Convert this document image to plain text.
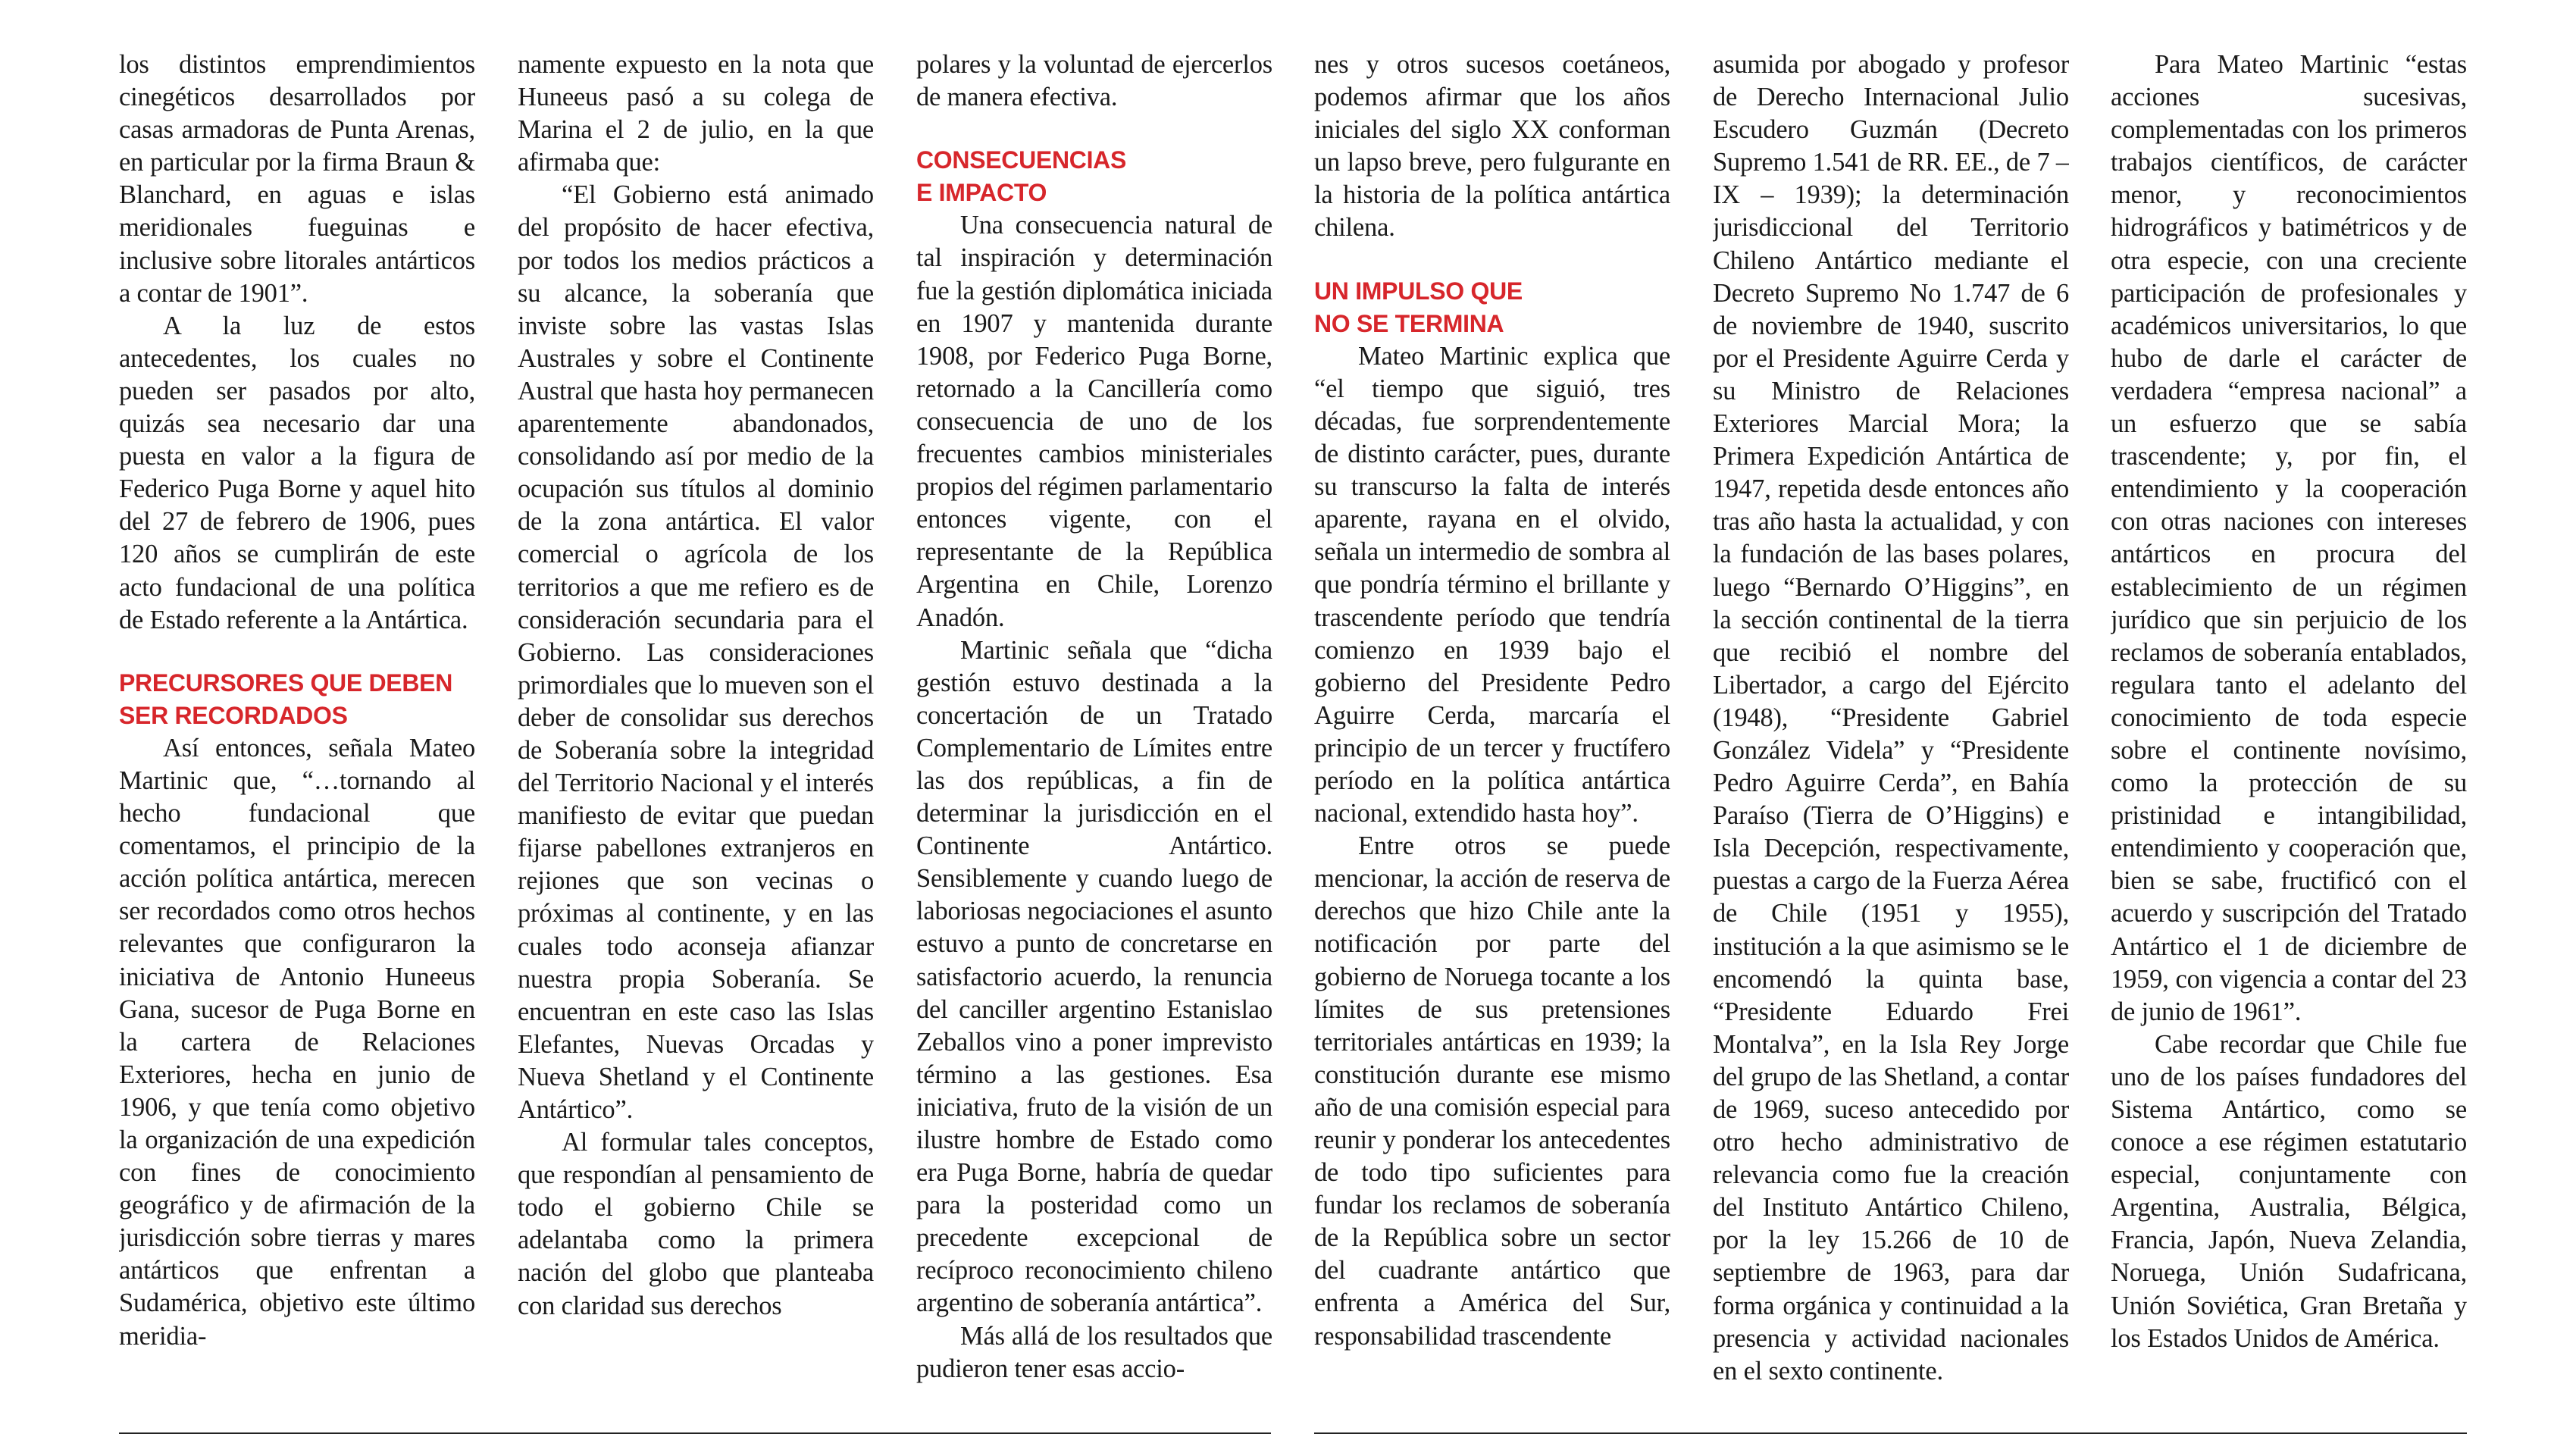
los distintos emprendimientos cinegéticos desarrollados por casas armadoras de Punta Arenas, en particular por la firma Braun & Blanchard, en aguas e islas meridionales fueguinas e inclusive sobre litorales antárticos a contar de 1901”.

A la luz de estos antecedentes, los cuales no pueden ser pasados por alto, quizás sea necesario dar una puesta en valor a la figura de Federico Puga Borne y aquel hito del 27 de febrero de 1906, pues 120 años se cumplirán de este acto fundacional de una política de Estado referente a la Antártica.

PRECURSORES QUE DEBEN
SER RECORDADOS

Así entonces, señala Mateo Martinic que, “…tornando al hecho fundacional que comentamos, el principio de la acción política antártica, merecen ser recordados como otros hechos relevantes que configuraron la iniciativa de Antonio Huneeus Gana, sucesor de Puga Borne en la cartera de Relaciones Exteriores, hecha en junio de 1906, y que tenía como objetivo la organización de una expedición con fines de conocimiento geográfico y de afirmación de la jurisdicción sobre tierras y mares antárticos que enfrentan a Sudamérica, objetivo este último meridia-

namente expuesto en la nota que Huneeus pasó a su colega de Marina el 2 de julio, en la que afirmaba que:

“El Gobierno está animado del propósito de hacer efectiva, por todos los medios prácticos a su alcance, la soberanía que inviste sobre las vastas Islas Australes y sobre el Continente Austral que hasta hoy permanecen aparentemente abandonados, consolidando así por medio de la ocupación sus títulos al dominio de la zona antártica. El valor comercial o agrícola de los territorios a que me refiero es de consideración secundaria para el Gobierno. Las consideraciones primordiales que lo mueven son el deber de consolidar sus derechos de Soberanía sobre la integridad del Territorio Nacional y el interés manifiesto de evitar que puedan fijarse pabellones extranjeros en rejiones que son vecinas o próximas al continente, y en las cuales todo aconseja afianzar nuestra propia Soberanía. Se encuentran en este caso las Islas Elefantes, Nuevas Orcadas y Nueva Shetland y el Continente Antártico”.

Al formular tales conceptos, que respondían al pensamiento de todo el gobierno Chile se adelantaba como la primera nación del globo que planteaba con claridad sus derechos

polares y la voluntad de ejercerlos de manera efectiva.

CONSECUENCIAS
E IMPACTO

Una consecuencia natural de tal inspiración y determinación fue la gestión diplomática iniciada en 1907 y mantenida durante 1908, por Federico Puga Borne, retornado a la Cancillería como consecuencia de uno de los frecuentes cambios ministeriales propios del régimen parlamentario entonces vigente, con el representante de la República Argentina en Chile, Lorenzo Anadón.

Martinic señala que “dicha gestión estuvo destinada a la concertación de un Tratado Complementario de Límites entre las dos repúblicas, a fin de determinar la jurisdicción en el Continente Antártico. Sensiblemente y cuando luego de laboriosas negociaciones el asunto estuvo a punto de concretarse en satisfactorio acuerdo, la renuncia del canciller argentino Estanislao Zeballos vino a poner imprevisto término a las gestiones. Esa iniciativa, fruto de la visión de un ilustre hombre de Estado como era Puga Borne, habría de quedar para la posteridad como un precedente excepcional de recíproco reconocimiento chileno argentino de soberanía antártica”.

Más allá de los resultados que pudieron tener esas accio-

nes y otros sucesos coetáneos, podemos afirmar que los años iniciales del siglo XX conforman un lapso breve, pero fulgurante en la historia de la política antártica chilena.

UN IMPULSO QUE
NO SE TERMINA

Mateo Martinic explica que “el tiempo que siguió, tres décadas, fue sorprendentemente de distinto carácter, pues, durante su transcurso la falta de interés aparente, rayana en el olvido, señala un intermedio de sombra al que pondría término el brillante y trascendente período que tendría comienzo en 1939 bajo el gobierno del Presidente Pedro Aguirre Cerda, marcaría el principio de un tercer y fructífero período en la política antártica nacional, extendido hasta hoy”.

Entre otros se puede mencionar, la acción de reserva de derechos que hizo Chile ante la notificación por parte del gobierno de Noruega tocante a los límites de sus pretensiones territoriales antárticas en 1939; la constitución durante ese mismo año de una comisión especial para reunir y ponderar los antecedentes de todo tipo suficientes para fundar los reclamos de soberanía de la República sobre un sector del cuadrante antártico que enfrenta a América del Sur, responsabilidad trascendente

asumida por abogado y profesor de Derecho Internacional Julio Escudero Guzmán (Decreto Supremo 1.541 de RR. EE., de 7 – IX – 1939); la determinación jurisdiccional del Territorio Chileno Antártico mediante el Decreto Supremo No 1.747 de 6 de noviembre de 1940, suscrito por el Presidente Aguirre Cerda y su Ministro de Relaciones Exteriores Marcial Mora; la Primera Expedición Antártica de 1947, repetida desde entonces año tras año hasta la actualidad, y con la fundación de las bases polares, luego “Bernardo O’Higgins”, en la sección continental de la tierra que recibió el nombre del Libertador, a cargo del Ejército (1948), “Presidente Gabriel González Videla” y “Presidente Pedro Aguirre Cerda”, en Bahía Paraíso (Tierra de O’Higgins) e Isla Decepción, respectivamente, puestas a cargo de la Fuerza Aérea de Chile (1951 y 1955), institución a la que asimismo se le encomendó la quinta base, “Presidente Eduardo Frei Montalva”, en la Isla Rey Jorge del grupo de las Shetland, a contar de 1969, suceso antecedido por otro hecho administrativo de relevancia como fue la creación del Instituto Antártico Chileno, por la ley 15.266 de 10 de septiembre de 1963, para dar forma orgánica y continuidad a la presencia y actividad nacionales en el sexto continente.

Para Mateo Martinic “estas acciones sucesivas, complementadas con los primeros trabajos científicos, de carácter menor, y reconocimientos hidrográficos y batimétricos y de otra especie, con una creciente participación de profesionales y académicos universitarios, lo que hubo de darle el carácter de verdadera “empresa nacional” a un esfuerzo que se sabía trascendente; y, por fin, el entendimiento y la cooperación con otras naciones con intereses antárticos en procura del establecimiento de un régimen jurídico que sin perjuicio de los reclamos de soberanía entablados, regulara tanto el adelanto del conocimiento de toda especie sobre el continente novísimo, como la protección de su pristinidad e intangibilidad, entendimiento y cooperación que, bien se sabe, fructificó con el acuerdo y suscripción del Tratado Antártico el 1 de diciembre de 1959, con vigencia a contar del 23 de junio de 1961”.

Cabe recordar que Chile fue uno de los países fundadores del Sistema Antártico, como se conoce a ese régimen estatutario especial, conjuntamente con Argentina, Australia, Bélgica, Francia, Japón, Nueva Zelandia, Noruega, Unión Sudafricana, Unión Soviética, Gran Bretaña y los Estados Unidos de América.
